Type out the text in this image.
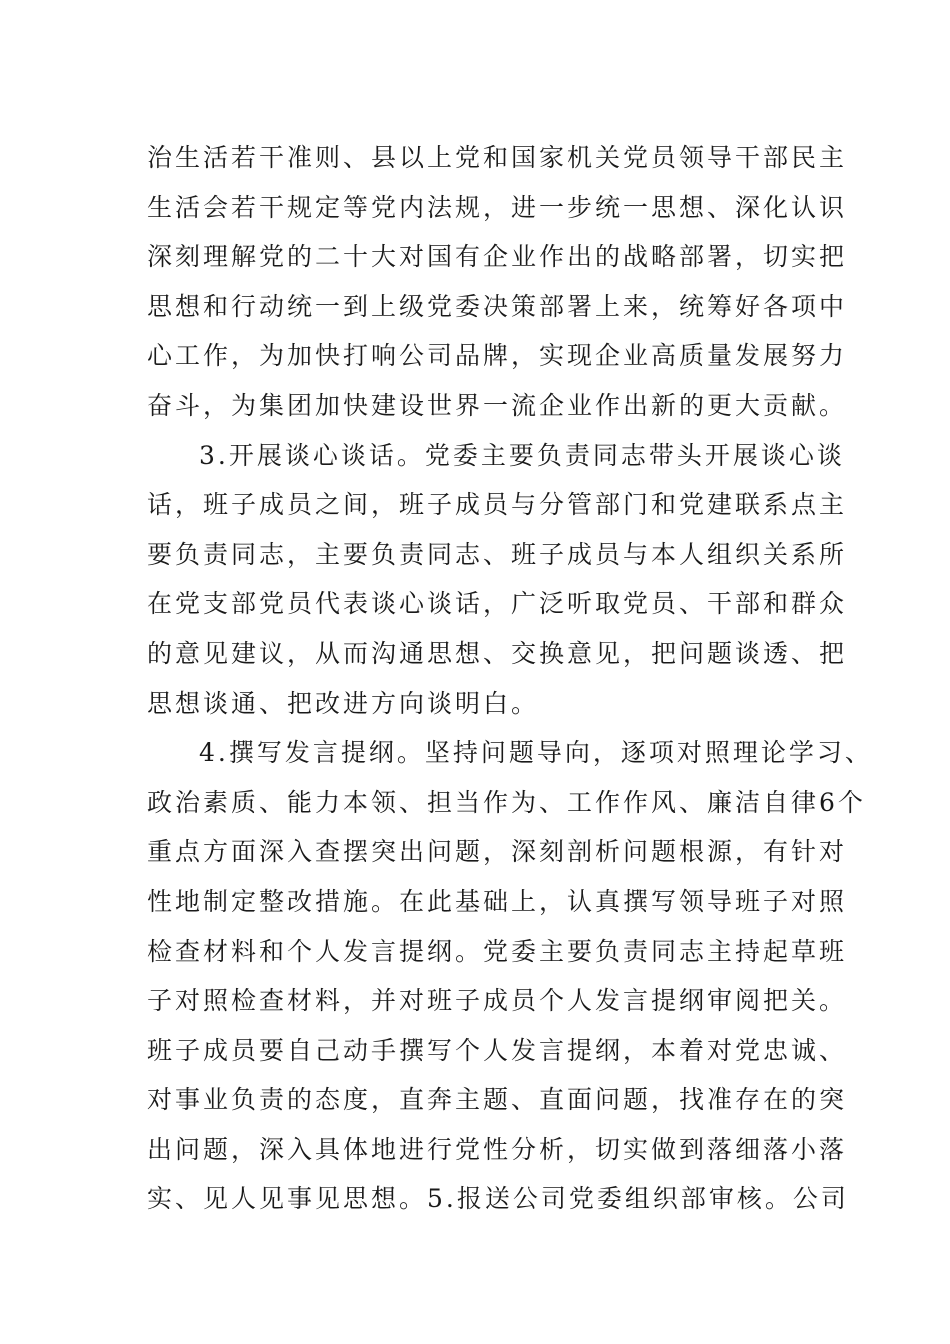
治生活若干准则、县以上党和国家机关党员领导干部民主
生活会若干规定等党内法规，进一步统一思想、深化认识
深刻理解党的二十大对国有企业作出的战略部署，切实把
思想和行动统一到上级党委决策部署上来，统筹好各项中
心工作，为加快打响公司品牌，实现企业高质量发展努力
奋斗，为集团加快建设世界一流企业作出新的更大贡献。
3.开展谈心谈话。党委主要负责同志带头开展谈心谈
话，班子成员之间，班子成员与分管部门和党建联系点主
要负责同志，主要负责同志、班子成员与本人组织关系所
在党支部党员代表谈心谈话，广泛听取党员、干部和群众
的意见建议，从而沟通思想、交换意见，把问题谈透、把
思想谈通、把改进方向谈明白。
4.撰写发言提纲。坚持问题导向，逐项对照理论学习、
政治素质、能力本领、担当作为、工作作风、廉洁自律6个
重点方面深入查摆突出问题，深刻剖析问题根源，有针对
性地制定整改措施。在此基础上，认真撰写领导班子对照
检查材料和个人发言提纲。党委主要负责同志主持起草班
子对照检查材料，并对班子成员个人发言提纲审阅把关。
班子成员要自己动手撰写个人发言提纲，本着对党忠诚、
对事业负责的态度，直奔主题、直面问题，找准存在的突
出问题，深入具体地进行党性分析，切实做到落细落小落
实、见人见事见思想。5.报送公司党委组织部审核。公司
